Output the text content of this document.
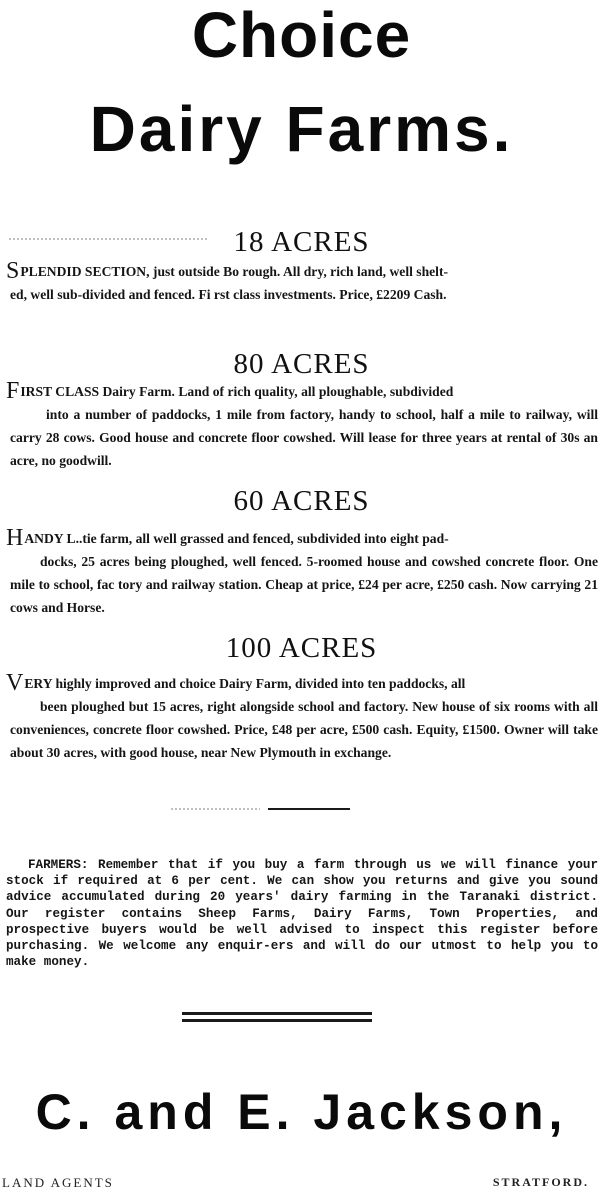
Choice
Dairy Farms.
18 ACRES
SPLENDID SECTION, just outside Bo rough. All dry, rich land, well shelt-
ed, well sub-divided and fenced. Fi rst class investments. Price, £2209 Cash.
80 ACRES
FIRST CLASS Dairy Farm. Land of rich quality, all ploughable, subdivided
into a number of paddocks, 1 mile from factory, handy to school, half a mile to railway, will carry 28 cows. Good house and concrete floor cowshed. Will lease for three years at rental of 30s an acre, no goodwill.
60 ACRES
HANDY L..tie farm, all well grassed and fenced, subdivided into eight pad-
docks, 25 acres being ploughed, well fenced. 5-roomed house and cowshed concrete floor. One mile to school, fac tory and railway station. Cheap at price, £24 per acre, £250 cash. Now carrying 21 cows and Horse.
100 ACRES
VERY highly improved and choice Dairy Farm, divided into ten paddocks, all
been ploughed but 15 acres, right alongside school and factory. New house of six rooms with all conveniences, concrete floor cowshed. Price, £48 per acre, £500 cash. Equity, £1500. Owner will take about 30 acres, with good house, near New Plymouth in exchange.
FARMERS: Remember that if you buy a farm through us we will finance your stock if required at 6 per cent. We can show you returns and give you sound advice accumulated during 20 years' dairy farming in the Taranaki district. Our register contains Sheep Farms, Dairy Farms, Town Properties, and prospective buyers would be well advised to inspect this register before purchasing. We welcome any enquir-ers and will do our utmost to help you to make money.
C. and E. Jackson,
LAND AGENTS	STRATFORD.
